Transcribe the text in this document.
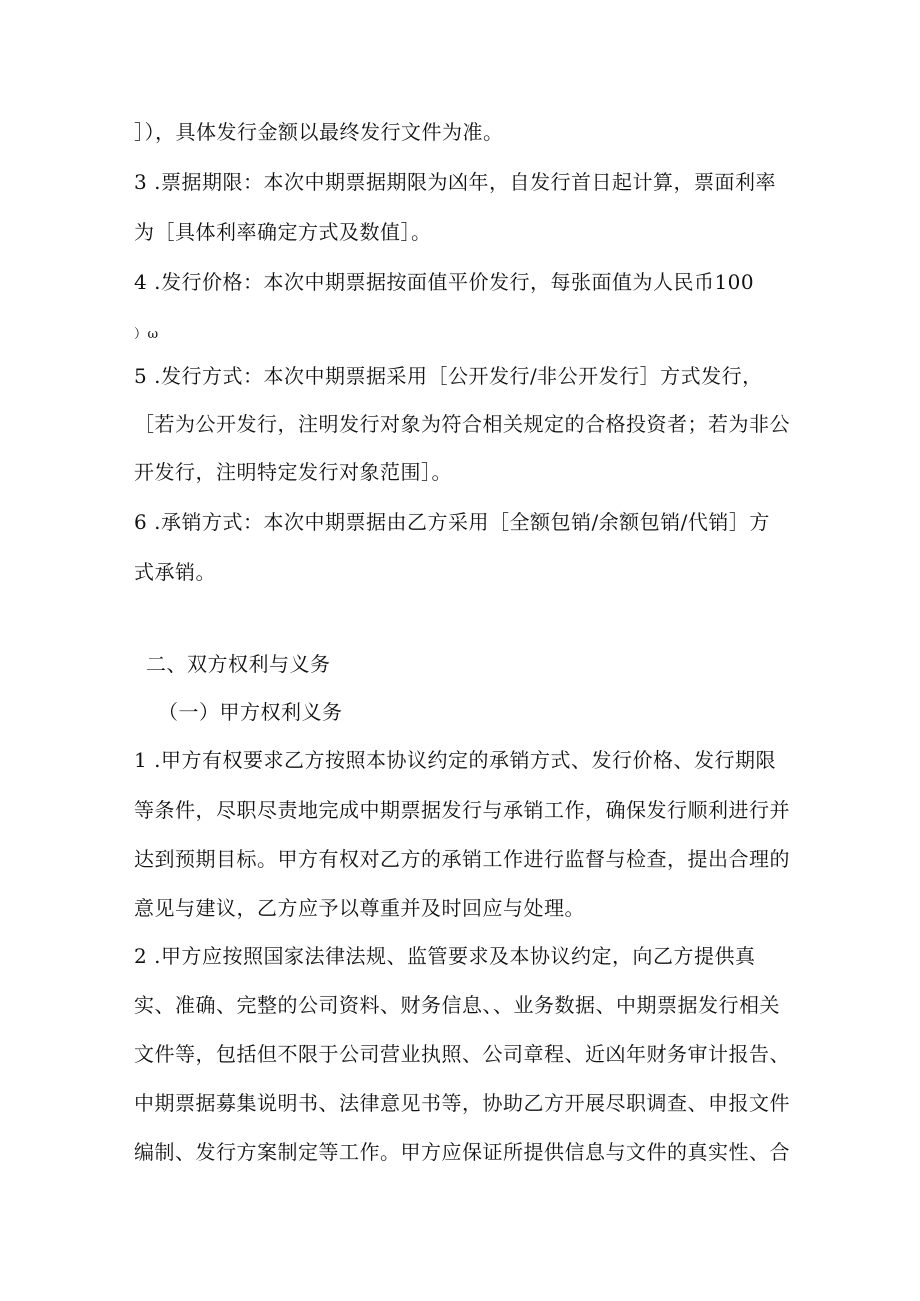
］），具体发行金额以最终发行文件为准。
3 .票据期限：本次中期票据期限为凶年，自发行首日起计算，票面利率
为［具体利率确定方式及数值］。
4 .发行价格：本次中期票据按面值平价发行，每张面值为人民币100
）ω
5 .发行方式：本次中期票据采用［公开发行/非公开发行］方式发行，
［若为公开发行，注明发行对象为符合相关规定的合格投资者；若为非公
开发行，注明特定发行对象范围］。
6 .承销方式：本次中期票据由乙方采用［全额包销/余额包销/代销］方
式承销。
二、双方权利与义务
（一）甲方权利义务
1 .甲方有权要求乙方按照本协议约定的承销方式、发行价格、发行期限
等条件，尽职尽责地完成中期票据发行与承销工作，确保发行顺利进行并
达到预期目标。甲方有权对乙方的承销工作进行监督与检查，提出合理的
意见与建议，乙方应予以尊重并及时回应与处理。
2 .甲方应按照国家法律法规、监管要求及本协议约定，向乙方提供真
实、准确、完整的公司资料、财务信息、、业务数据、中期票据发行相关
文件等，包括但不限于公司营业执照、公司章程、近凶年财务审计报告、
中期票据募集说明书、法律意见书等，协助乙方开展尽职调查、申报文件
编制、发行方案制定等工作。甲方应保证所提供信息与文件的真实性、合
